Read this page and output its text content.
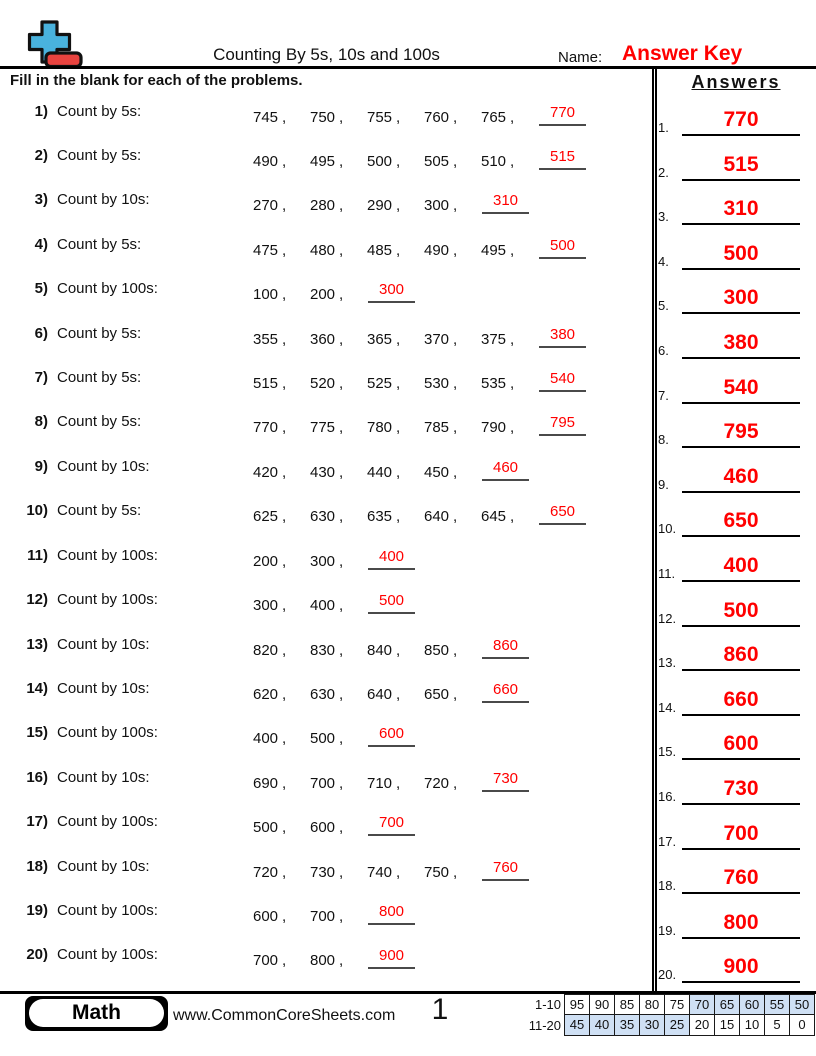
Counting By 5s, 10s and 100s	Name: Answer Key
Fill in the blank for each of the problems.
1) Count by 5s:	745 ,	750 ,	755 ,	760 ,	765 ,	770
2) Count by 5s:	490 ,	495 ,	500 ,	505 ,	510 ,	515
3) Count by 10s:	270 ,	280 ,	290 ,	300 ,	310
4) Count by 5s:	475 ,	480 ,	485 ,	490 ,	495 ,	500
5) Count by 100s:	100 ,	200 ,	300
6) Count by 5s:	355 ,	360 ,	365 ,	370 ,	375 ,	380
7) Count by 5s:	515 ,	520 ,	525 ,	530 ,	535 ,	540
8) Count by 5s:	770 ,	775 ,	780 ,	785 ,	790 ,	795
9) Count by 10s:	420 ,	430 ,	440 ,	450 ,	460
10) Count by 5s:	625 ,	630 ,	635 ,	640 ,	645 ,	650
11) Count by 100s:	200 ,	300 ,	400
12) Count by 100s:	300 ,	400 ,	500
13) Count by 10s:	820 ,	830 ,	840 ,	850 ,	860
14) Count by 10s:	620 ,	630 ,	640 ,	650 ,	660
15) Count by 100s:	400 ,	500 ,	600
16) Count by 10s:	690 ,	700 ,	710 ,	720 ,	730
17) Count by 100s:	500 ,	600 ,	700
18) Count by 10s:	720 ,	730 ,	740 ,	750 ,	760
19) Count by 100s:	600 ,	700 ,	800
20) Count by 100s:	700 ,	800 ,	900
Answers
1.	770
2.	515
3.	310
4.	500
5.	300
6.	380
7.	540
8.	795
9.	460
10.	650
11.	400
12.	500
13.	860
14.	660
15.	600
16.	730
17.	700
18.	760
19.	800
20.	900
Math	www.CommonCoreSheets.com	1	1-10 95 90 85 80 75 70 65 60 55 50
11-20 45 40 35 30 25 20 15 10	5	0
